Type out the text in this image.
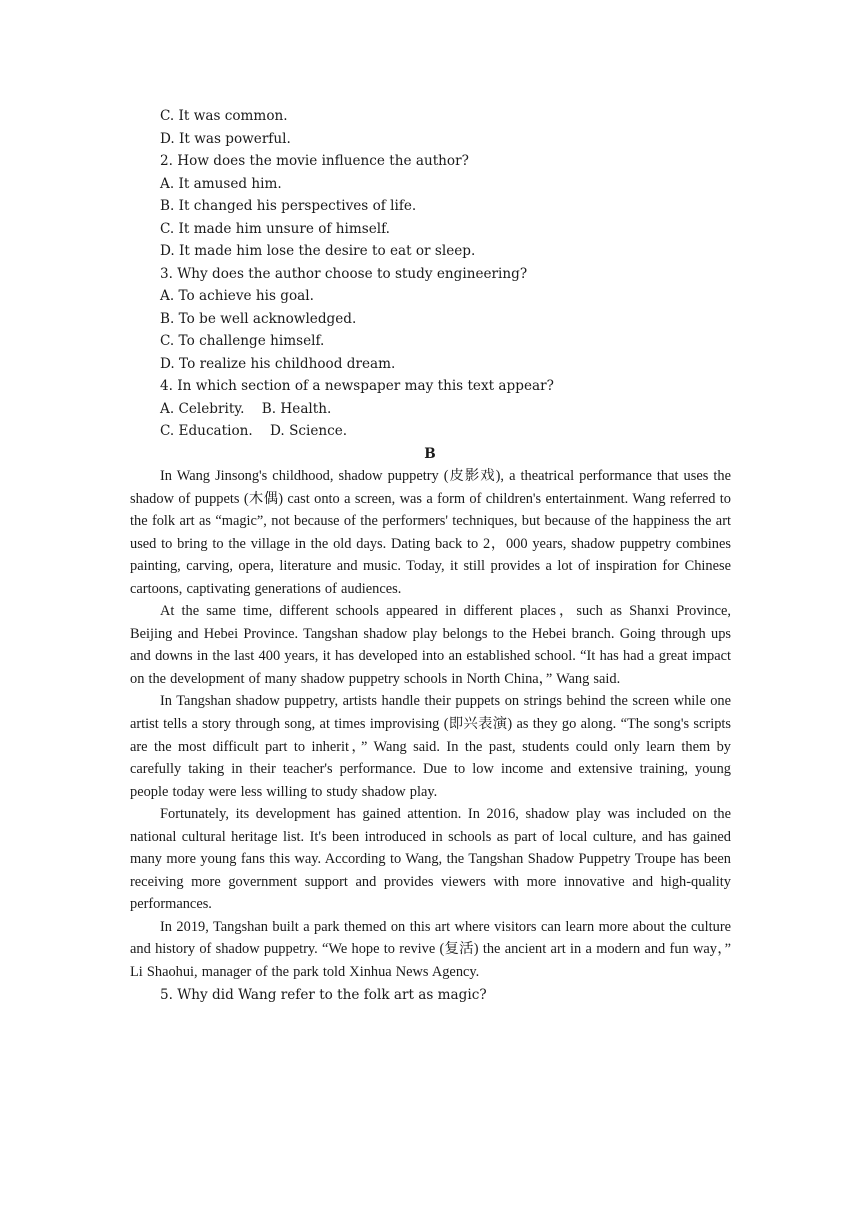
C. It was common.
D. It was powerful.
2. How does the movie influence the author?
A. It amused him.
B. It changed his perspectives of life.
C. It made him unsure of himself.
D. It made him lose the desire to eat or sleep.
3. Why does the author choose to study engineering?
A. To achieve his goal.
B. To be well acknowledged.
C. To challenge himself.
D. To realize his childhood dream.
4. In which section of a newspaper may this text appear?
A. Celebrity.    B. Health.
C. Education.    D. Science.
B

In Wang Jinsong's childhood, shadow puppetry (皮影戏), a theatrical performance that uses the shadow of puppets (木偶) cast onto a screen, was a form of children's entertainment. Wang referred to the folk art as “magic”, not because of the performers' techniques, but because of the happiness the art used to bring to the village in the old days. Dating back to 2，000 years, shadow puppetry combines painting, carving, opera, literature and music. Today, it still provides a lot of inspiration for Chinese cartoons, captivating generations of audiences.

At the same time, different schools appeared in different places，such as Shanxi Province, Beijing and Hebei Province. Tangshan shadow play belongs to the Hebei branch. Going through ups and downs in the last 400 years, it has developed into an established school. “It has had a great impact on the development of many shadow puppetry schools in North China，” Wang said.

In Tangshan shadow puppetry, artists handle their puppets on strings behind the screen while one artist tells a story through song, at times improvising (即兴表演) as they go along. “The song's scripts are the most difficult part to inherit，” Wang said. In the past, students could only learn them by carefully taking in their teacher's performance. Due to low income and extensive training, young people today were less willing to study shadow play.

Fortunately, its development has gained attention. In 2016, shadow play was included on the national cultural heritage list. It's been introduced in schools as part of local culture, and has gained many more young fans this way. According to Wang, the Tangshan Shadow Puppetry Troupe has been receiving more government support and provides viewers with more innovative and high-quality performances.

In 2019, Tangshan built a park themed on this art where visitors can learn more about the culture and history of shadow puppetry. “We hope to revive (复活) the ancient art in a modern and fun way，” Li Shaohui, manager of the park told Xinhua News Agency.

5. Why did Wang refer to the folk art as magic?
